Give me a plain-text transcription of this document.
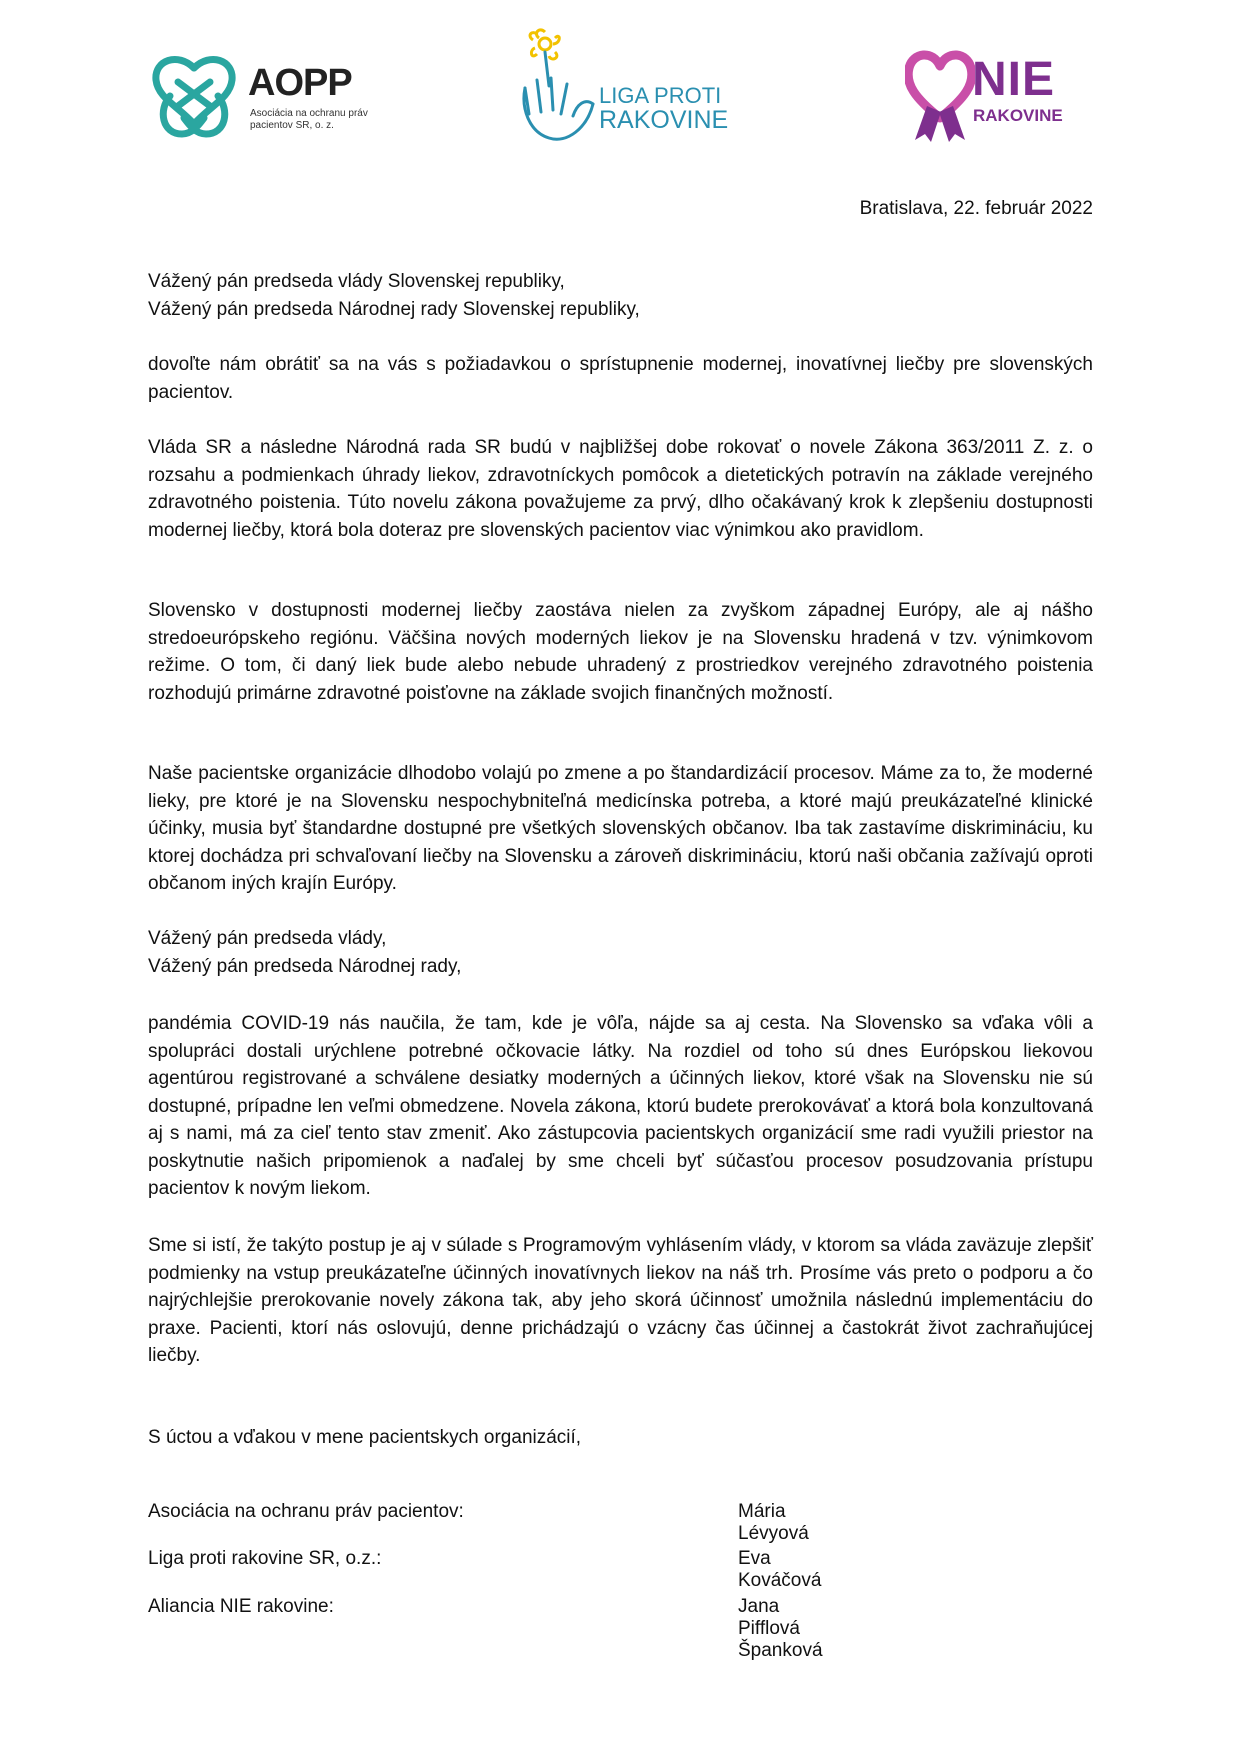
AOPP
Asociácia na ochranu práv pacientov SR, o. z.
LIGA PROTI
RAKOVINE
NIE
RAKOVINE
Bratislava, 22. február 2022
Vážený pán predseda vlády Slovenskej republiky,
Vážený pán predseda Národnej rady Slovenskej republiky,
dovoľte nám obrátiť sa na vás s požiadavkou o sprístupnenie modernej, inovatívnej liečby pre slovenských pacientov.
Vláda SR a následne Národná rada SR budú v najbližšej dobe rokovať o novele Zákona 363/2011 Z. z. o rozsahu a podmienkach úhrady liekov, zdravotníckych pomôcok a dietetických potravín na základe verejného zdravotného poistenia. Túto novelu zákona považujeme za prvý, dlho očakávaný krok k zlepšeniu dostupnosti modernej liečby, ktorá bola doteraz pre slovenských pacientov viac výnimkou ako pravidlom.
Slovensko v dostupnosti modernej liečby zaostáva nielen za zvyškom západnej Európy, ale aj nášho stredoeurópskeho regiónu. Väčšina nových moderných liekov je na Slovensku hradená v tzv. výnimkovom režime. O tom, či daný liek bude alebo nebude uhradený z prostriedkov verejného zdravotného poistenia rozhodujú primárne zdravotné poisťovne na základe svojich finančných možností.
Naše pacientske organizácie dlhodobo volajú po zmene a po štandardizácií procesov. Máme za to, že moderné lieky, pre ktoré je na Slovensku nespochybniteľná medicínska potreba, a ktoré majú preukázateľné klinické účinky, musia byť štandardne dostupné pre všetkých slovenských občanov. Iba tak zastavíme diskrimináciu, ku ktorej dochádza pri schvaľovaní liečby na Slovensku a zároveň diskrimináciu, ktorú naši občania zažívajú oproti občanom iných krajín Európy.
Vážený pán predseda vlády,
Vážený pán predseda Národnej rady,
pandémia COVID-19 nás naučila, že tam, kde je vôľa, nájde sa aj cesta. Na Slovensko sa vďaka vôli a spolupráci dostali urýchlene potrebné očkovacie látky. Na rozdiel od toho sú dnes Európskou liekovou agentúrou registrované a schválene desiatky moderných a účinných liekov, ktoré však na Slovensku nie sú dostupné, prípadne len veľmi obmedzene. Novela zákona, ktorú budete prerokovávať a ktorá bola konzultovaná aj s nami, má za cieľ tento stav zmeniť. Ako zástupcovia pacientskych organizácií sme radi využili priestor na poskytnutie našich pripomienok a naďalej by sme chceli byť súčasťou procesov posudzovania prístupu pacientov k novým liekom.
Sme si istí, že takýto postup je aj v súlade s Programovým vyhlásením vlády, v ktorom sa vláda zaväzuje zlepšiť podmienky na vstup preukázateľne účinných inovatívnych liekov na náš trh. Prosíme vás preto o podporu a čo najrýchlejšie prerokovanie novely zákona tak, aby jeho skorá účinnosť umožnila následnú implementáciu do praxe. Pacienti, ktorí nás oslovujú, denne prichádzajú o vzácny čas účinnej a častokrát život zachraňujúcej liečby.
S úctou a vďakou v mene pacientskych organizácií,
Asociácia na ochranu práv pacientov:	Mária Lévyová
Liga proti rakovine SR, o.z.:	Eva Kováčová
Aliancia NIE rakovine:	Jana Pifflová Španková
